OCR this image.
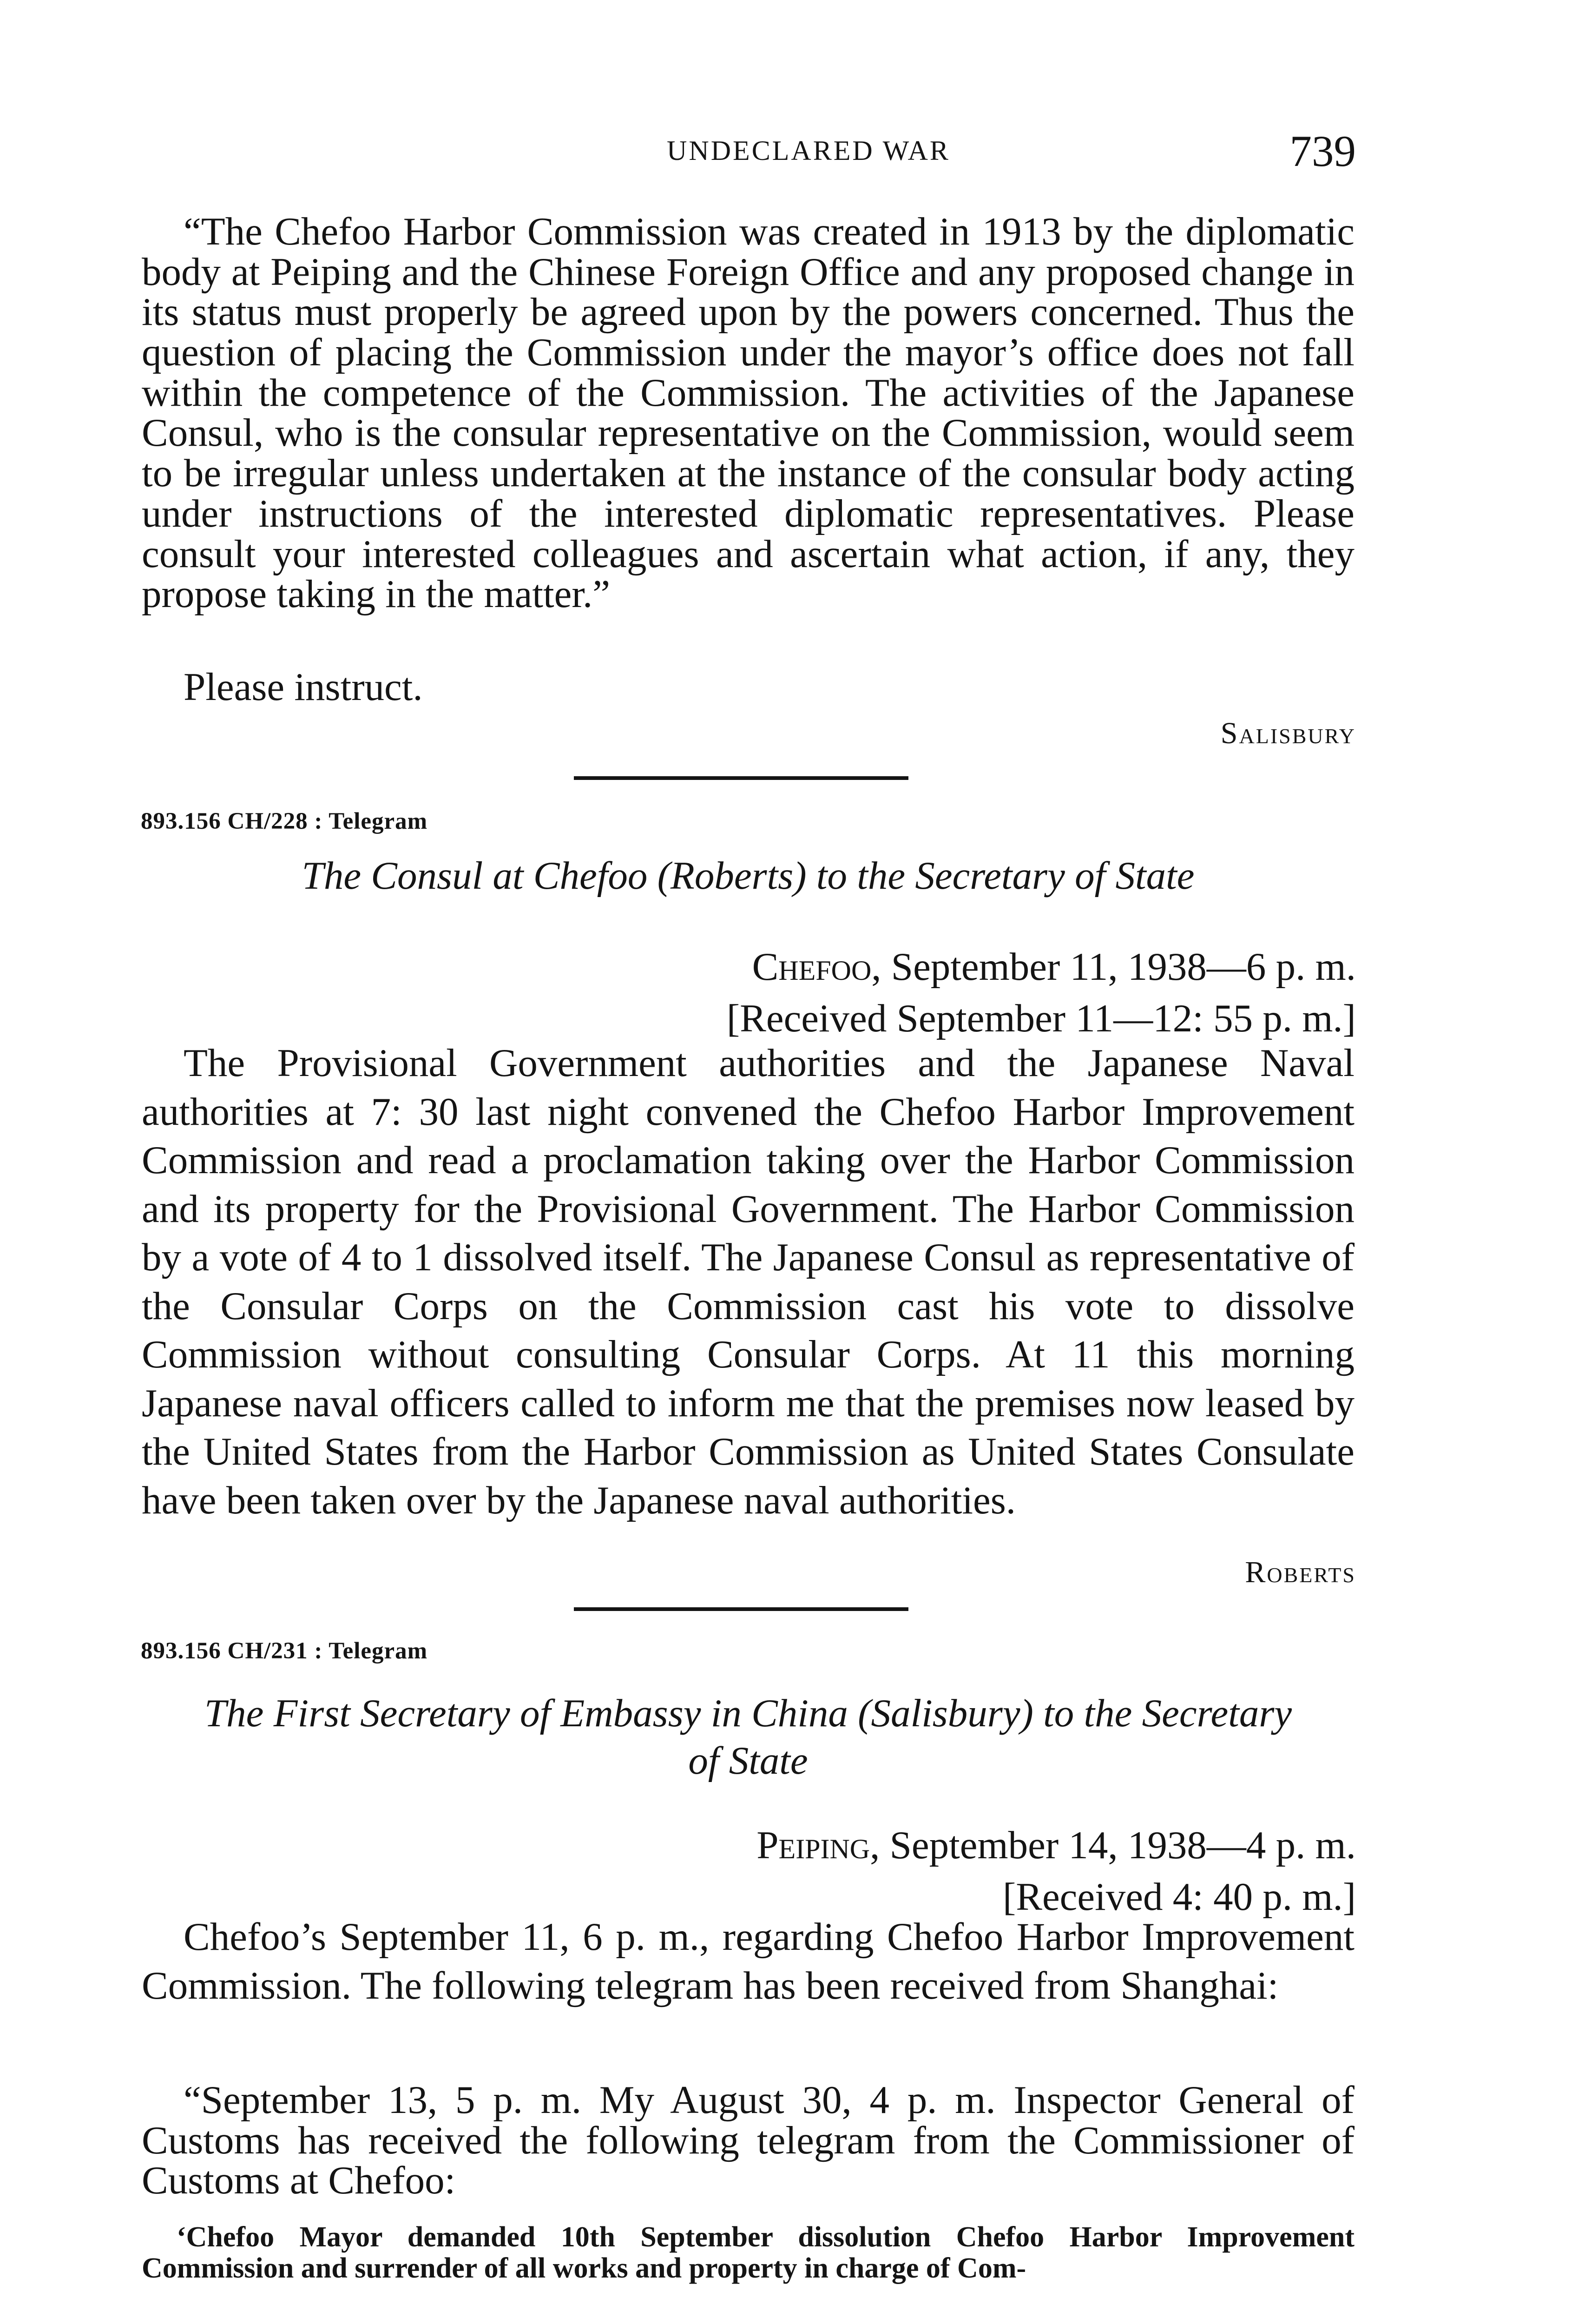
UNDECLARED WAR	739
“The Chefoo Harbor Commission was created in 1913 by the diplomatic body at Peiping and the Chinese Foreign Office and any proposed change in its status must properly be agreed upon by the powers concerned. Thus the question of placing the Commission under the mayor’s office does not fall within the competence of the Commission. The activities of the Japanese Consul, who is the consular representative on the Commission, would seem to be irregular unless undertaken at the instance of the consular body acting under instructions of the interested diplomatic representatives. Please consult your interested colleagues and ascertain what action, if any, they propose taking in the matter.”
Please instruct.
Salisbury
893.156 CH/228 : Telegram
The Consul at Chefoo (Roberts) to the Secretary of State
Chefoo, September 11, 1938—6 p. m.
[Received September 11—12: 55 p. m.]
The Provisional Government authorities and the Japanese Naval authorities at 7: 30 last night convened the Chefoo Harbor Improvement Commission and read a proclamation taking over the Harbor Commission and its property for the Provisional Government. The Harbor Commission by a vote of 4 to 1 dissolved itself. The Japanese Consul as representative of the Consular Corps on the Commission cast his vote to dissolve Commission without consulting Consular Corps. At 11 this morning Japanese naval officers called to inform me that the premises now leased by the United States from the Harbor Commission as United States Consulate have been taken over by the Japanese naval authorities.
Roberts
893.156 CH/231 : Telegram
The First Secretary of Embassy in China (Salisbury) to the Secretary
of State
Peiping, September 14, 1938—4 p. m.
[Received 4: 40 p. m.]
Chefoo’s September 11, 6 p. m., regarding Chefoo Harbor Improvement Commission. The following telegram has been received from Shanghai:
“September 13, 5 p. m. My August 30, 4 p. m. Inspector General of Customs has received the following telegram from the Commissioner of Customs at Chefoo:
‘Chefoo Mayor demanded 10th September dissolution Chefoo Harbor Improvement Commission and surrender of all works and property in charge of Com-
